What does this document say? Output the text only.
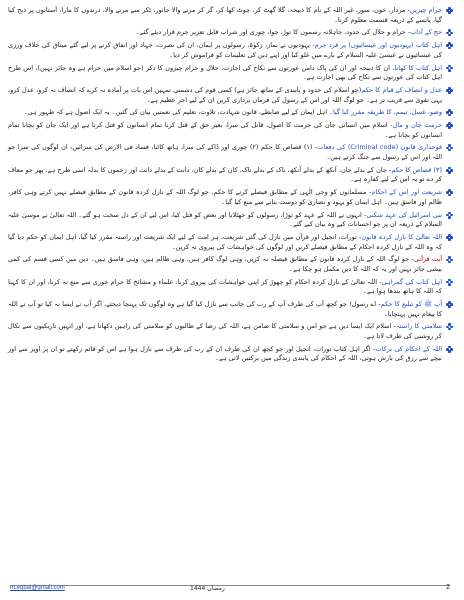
حرام چیزیں- مردار، خون، سور، غیر اللہ کے نام کا ذبیحہ، گلا گھٹ کر، چوٹ کھا کر، گر کر مرنے والا جانور، ٹکر سے مرنے والا، درندوں کا مارا، آستانوں پر ذبح کیا گیا، پانسے کے ذریعہ قسمت معلوم کرنا۔
حج کے آداب- حرام و حلال کی حدود، جاہلانہ رسموں کا توڑ، جوا، چوری اور شراب قابل تعزیر جرم قرار دیئے گئے۔
اہل کتاب (یہودیوں اور عیسائیوں) پر فرد جرم- یہودیوں نے نماز، زکوٰۃ، رسولوں پر ایمان، ان کی نصرت، جہاد اور انفاق کرنے پر لیے گئے میثاق کی خلاف ورزی کی عیسائیوں نے عیسیٰ علیہ السلام کے بارے میں غلو کیا اور اپنے دین کی تعلیمات کو فراموش کر دیا۔
اہل کتاب کا کھانا، ان کا ذبیحہ اور ان کی پاک دامن عورتوں سے نکاح کی اجازت، حلال و حرام چیزوں کا ذکر (جو اسلام میں حرام ہے وہ جائز نہیں)، اس طرح اہل کتاب کی عورتوں سے نکاح کی بھی اجازت ہے۔
عدل و انصاف کے قیام کا حکم(جو اسلام کی حدود و پابندی کے ساتھ جائز ہے) کسی قوم کی دشمنی تمہیں اس بات پر آمادہ نہ کرے کہ انصاف نہ کرو، عدل کرو، یہی تقویٰ سے قریب تر ہے۔ جو لوگ اللہ اور اس کے رسول کی فرماں برداری کریں ان کے لیے اجر عظیم ہے۔
وضو، غسل، تیمم، کا طریقہ مقرر کیا گیا۔ اہل ایمان کے لیے ضابطے، قانون شہادت، تلاوت، تعلیم کی نعمتیں بیان کی گئیں۔ یہ ایک اصول ہے کہ طہور ہی۔
حرمت جان و مال- اسلام میں انسانی جان کی حرمت کا اصول، قاتل کی سزا، بغیر حق کے قتل کرنا تمام انسانوں کو قتل کرنا ہے اور ایک جان کو بچانا تمام انسانوں کو بچانا ہے۔
فوجداری قانون (Criminal code) کی دفعات- (۱) قصاص کا حکم (۲) چوری اور ڈاکے کی سزا، ہاتھ کاٹنا، فساد فی الارض کی سزائیں، ان لوگوں کی سزا جو اللہ اور اس کے رسول سے جنگ کرتے ہیں۔
(۳) قصاص کا حکم- جان کے بدلے جان، آنکھ کے بدلے آنکھ، ناک کے بدلے ناک، کان کے بدلے کان، دانت کے بدلے دانت اور زخموں کا بدلہ اسی طرح ہے، پھر جو معاف کر دے تو یہ اس کے لیے کفارہ ہے۔
شریعت اور اس کے احکام- مسلمانوں کو وحی الٰہی کے مطابق فیصلے کرنے کا حکم، جو لوگ اللہ کے نازل کردہ قانون کے مطابق فیصلے نہیں کرتے وہی کافر، ظالم اور فاسق ہیں۔ اہل ایمان کو یہود و نصاریٰ کو دوست بنانے سے منع کیا گیا۔
بنی اسرائیل کی عہد شکنی- انہوں نے اللہ کے عہد کو توڑا، رسولوں کو جھٹلایا اور بعض کو قتل کیا، اس لیے ان کے دل سخت ہو گئے۔ اللہ تعالیٰ نے موسیٰ علیہ السلام کے ذریعہ ان پر جو احسانات کیے وہ بیان کیے گئے۔
اللہ تعالیٰ کا نازل کردہ قانون- تورات، انجیل اور قرآن میں نازل کی گئی شریعت، ہر امت کے لیے ایک شریعت اور راستہ مقرر کیا گیا، اہل ایمان کو حکم دیا گیا کہ وہ اللہ کے نازل کردہ احکام کے مطابق فیصلے کریں اور لوگوں کی خواہشات کی پیروی نہ کریں۔
آیت قرآنی- جو لوگ اللہ کے نازل کردہ قانون کے مطابق فیصلہ نہ کریں، وہی لوگ کافر ہیں، وہی ظالم ہیں، وہی فاسق ہیں۔ دین میں کسی قسم کی کمی بیشی جائز نہیں اور یہ کہ اللہ کا دین مکمل ہو چکا ہے۔
اہل کتاب کی گمراہی- اللہ تعالیٰ کے نازل کردہ احکام کو چھوڑ کر اپنی خواہشات کی پیروی کرنا، علماء و مشائخ کا حرام خوری سے منع نہ کرنا، اور ان کا کہنا کہ اللہ کا ہاتھ بندھا ہوا ہے۔
آپ ﷺ کو تبلیغ کا حکم- اے رسول! جو کچھ آپ کی طرف آپ کے رب کی جانب سے نازل کیا گیا ہے وہ لوگوں تک پہنچا دیجئے، اگر آپ نے ایسا نہ کیا تو آپ نے اللہ کا پیغام نہیں پہنچایا۔
سلامتی کا راستہ- اسلام ایک ایسا دین ہے جو امن و سلامتی کا ضامن ہے، اللہ کی رضا کے طالبوں کو سلامتی کی راہیں دکھاتا ہے، اور انہیں تاریکیوں سے نکال کر روشنی کی طرف لاتا ہے۔
اللہ کے احکام کی برکات- اگر اہل کتاب تورات، انجیل اور جو کچھ ان کی طرف ان کے رب کی طرف سے نازل ہوا ہے اس کو قائم رکھتے تو ان پر اوپر سے اور نیچے سے رزق کی بارش ہوتی، اللہ کے احکام کی پابندی زندگی میں برکتیں لاتی ہے۔
m.eqbal@gmail.com	رمضان 1444	2
